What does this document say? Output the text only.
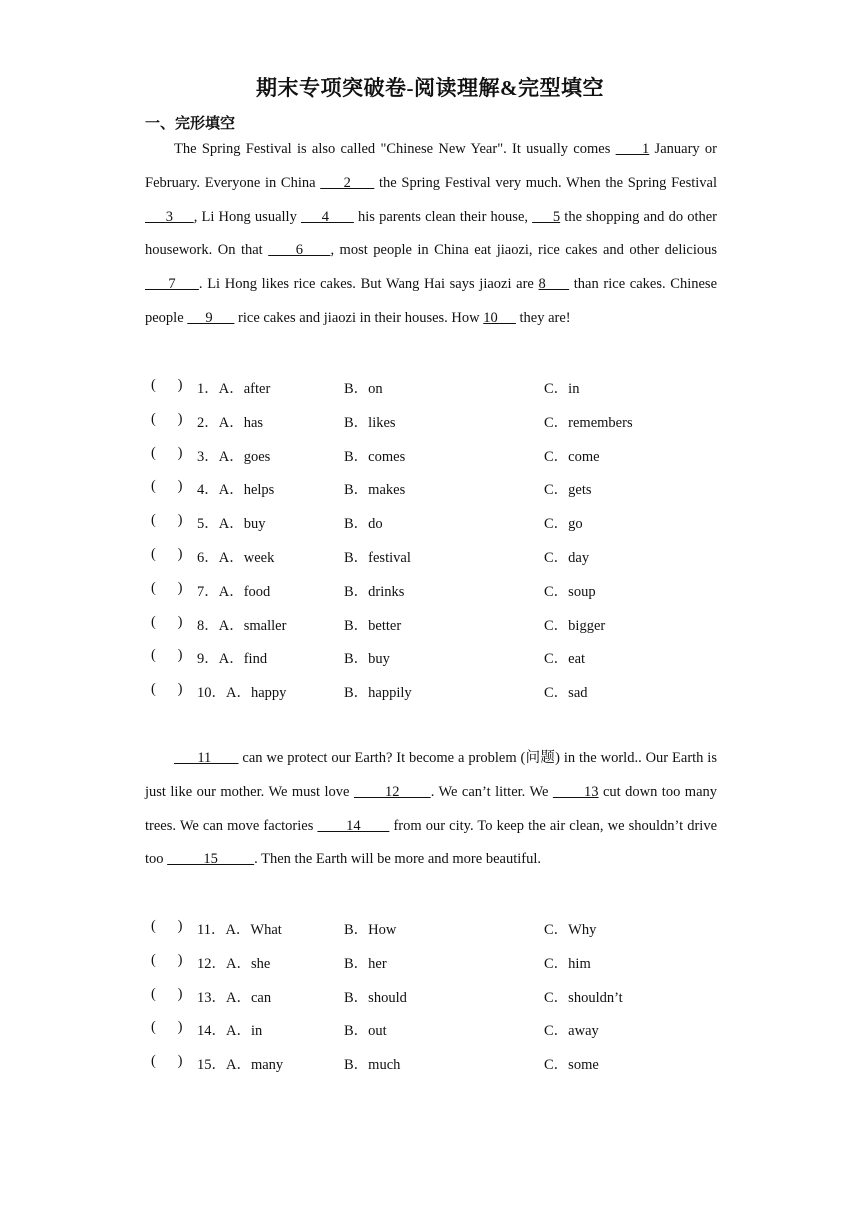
期末专项突破卷-阅读理解&完型填空
一、完形填空
The Spring Festival is also called "Chinese New Year". It usually comes      1 January or February. Everyone in China      2      the Spring Festival very much. When the Spring Festival      3     , Li Hong usually      4       his parents clean their house,      5 the shopping and do other housework. On that      6     , most people in China eat jiaozi, rice cakes and other delicious      7     . Li Hong likes rice cakes. But Wang Hai says jiaozi are 8      than rice cakes. Chinese people      9       rice cakes and jiaozi in their houses. How 10      they are!
(      ) 1．A．after	B．on	C．in
(      ) 2．A．has	B．likes	C．remembers
(      ) 3．A．goes	B．comes	C．come
(      ) 4．A．helps	B．makes	C．gets
(      ) 5．A．buy	B．do	C．go
(      ) 6．A．week	B．festival	C．day
(      ) 7．A．food	B．drinks	C．soup
(      ) 8．A．smaller	B．better	C．bigger
(      ) 9．A．find	B．buy	C．eat
(      ) 10．A．happy	B．happily	C．sad
11        can we protect our Earth? It become a problem (问题) in the world.. Our Earth is just like our mother. We must love        12       . We can’t litter. We        13 cut down too many trees. We can move factories        14        from our city. To keep the air clean, we shouldn’t drive too           15          . Then the Earth will be more and more beautiful.
(      ) 11．A．What	B．How	C．Why
(      ) 12．A．she	B．her	C．him
(      ) 13．A．can	B．should	C．shouldn’t
(      ) 14．A．in	B．out	C．away
(      ) 15．A．many	B．much	C．some
